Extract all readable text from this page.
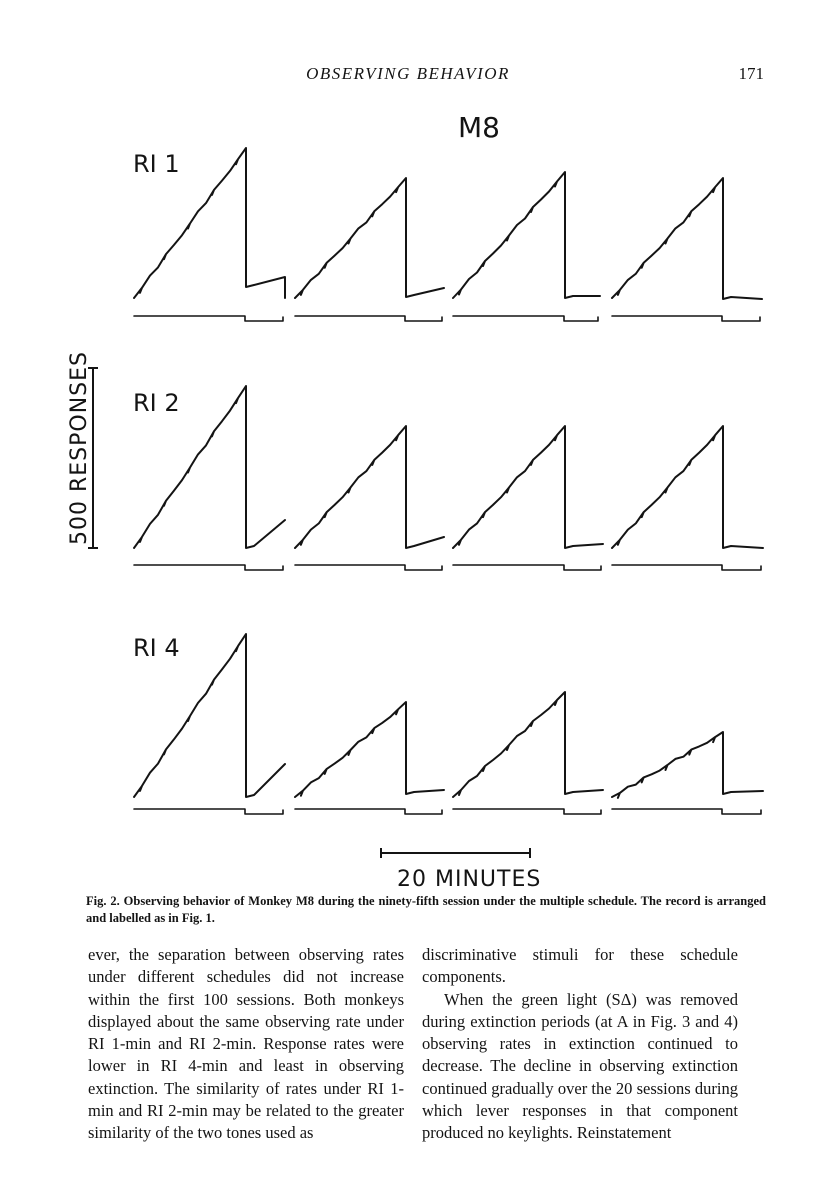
OBSERVING BEHAVIOR	171
M8
RI 1
RI 2
RI 4
500 RESPONSES
20 MINUTES
Fig. 2. Observing behavior of Monkey M8 during the ninety-fifth session under the multiple schedule. The record is arranged and labelled as in Fig. 1.

ever, the separation between observing rates under different schedules did not increase within the first 100 sessions. Both monkeys displayed about the same observing rate under RI 1-min and RI 2-min. Response rates were lower in RI 4-min and least in observing extinction. The similarity of rates under RI 1-min and RI 2-min may be related to the greater similarity of the two tones used as

discriminative stimuli for these schedule components.

When the green light (SΔ) was removed during extinction periods (at A in Fig. 3 and 4) observing rates in extinction continued to decrease. The decline in observing extinction continued gradually over the 20 sessions during which lever responses in that component produced no keylights. Reinstatement
